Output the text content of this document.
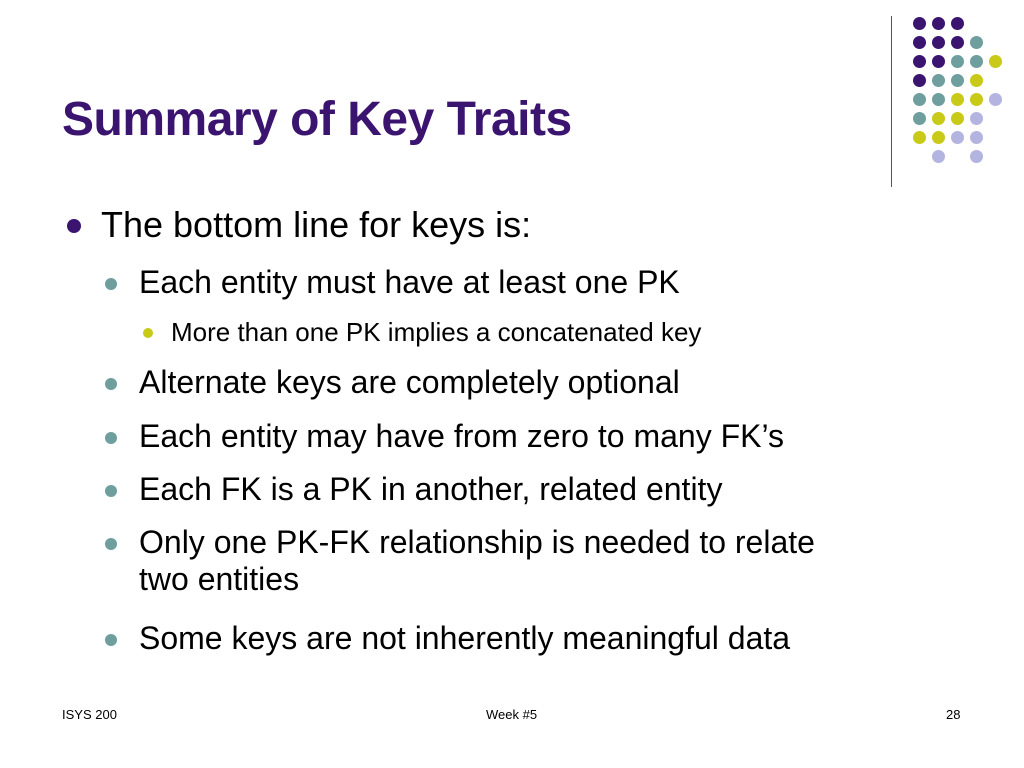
Summary of Key Traits
The bottom line for keys is:
Each entity must have at least one PK
More than one PK implies a concatenated key
Alternate keys are completely optional
Each entity may have from zero to many FK’s
Each FK is a PK in another, related entity
Only one PK-FK relationship is needed to relate
two entities
Some keys are not inherently meaningful data
ISYS 200	Week #5	28
